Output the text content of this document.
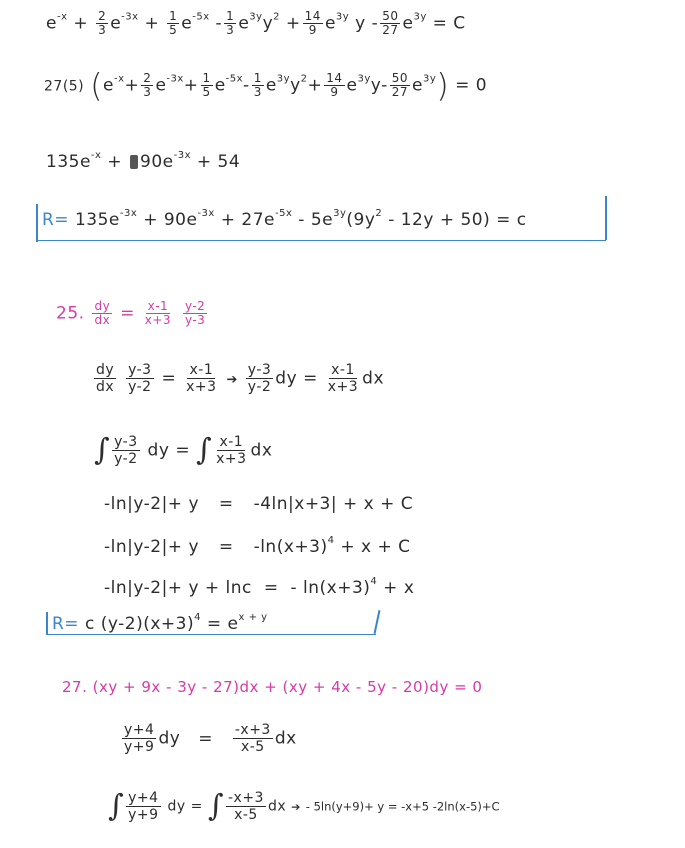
$e^{-x} + \frac{2}{3} e^{-3x} + \frac{1}{5} e^{-5x} - \frac{1}{3} e^{3y}y^2 + \frac{14}{9} e^{3y}$ $y - \frac{50}{27} e^{3y} = C$
27(5) $(e^{-x}+ \frac{2}{3} e^{-3x}+ \frac{1}{5} e^{-5x}- \frac{1}{3} e^{3y}y^2+ \frac{14}{9} e^{3y}y- \frac{50}{27} e^{3y}) = 0$
$135e^{-x} + 90e^{-3x} + 54$
$R= 135e^{-3x} + 90e^{-3x} + 27e^{-5x} - 5e^{3y}(9y^2 - 12y + 50) = c$
25. $\frac{dy}{dx} = \frac{x-1}{x+3}$
$\frac{y-2}{y-3}$
$\frac{dy}{dx}$
$\frac{y-3}{y-2} = \frac{x-1}{x+3}$ ➔ $\frac{y-3}{y-2}$ dy = $\frac{x-1}{x+3}$ dx
∫ $\frac{y-3}{y-2}$ dy = ∫ $\frac{x-1}{x+3}$ dx
-ln|y-2|+ y = -4ln|x+3| + x + C
$-\ln|y-2|+ y = -\ln(x+3)^4 + x + C$
-ln|y-2|+ y + lnc = - $\ln(x+3)^4 + x$
R= c $(y-2)(x+3)^4 = e^{x + y}$
27. (xy + 9x - 3y - 27)dx + (xy + 4x - 5y - 20)dy = 0
$\frac{y+4}{y+9}$ dy = $\frac{-x+3}{x-5}$ dx
∫ $\frac{y+4}{y+9}$ dy = ∫ $\frac{-x+3}{x-5}$ dx ➔ - 5ln(y+9)+ y = -x+5 -2ln(x-5)+C
